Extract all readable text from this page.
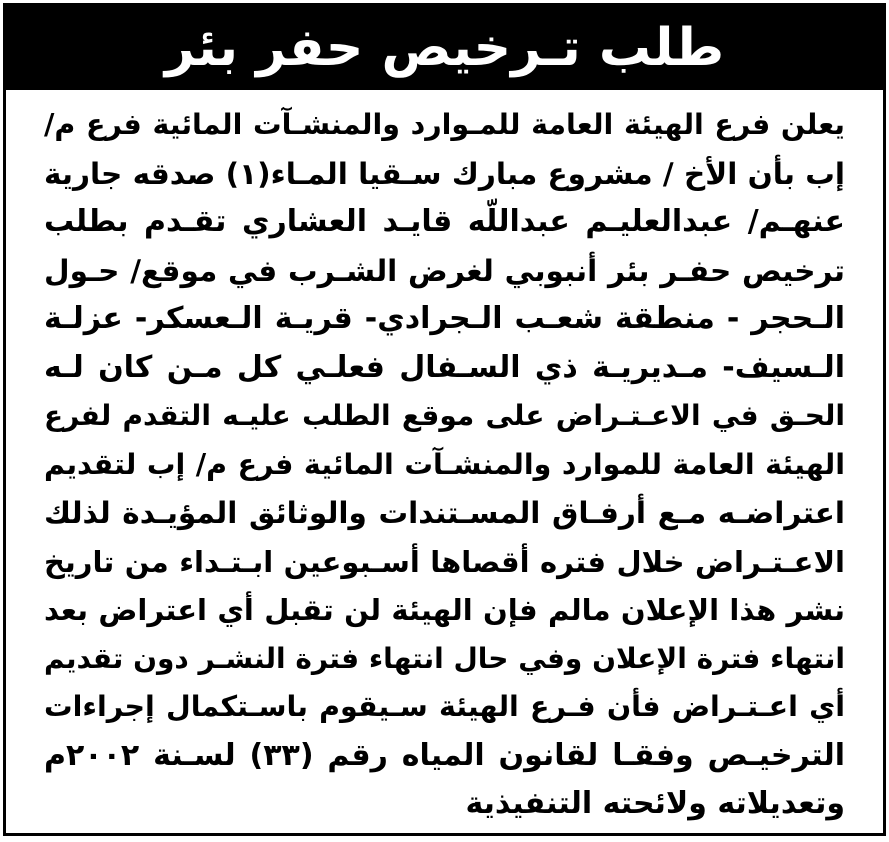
طلب تـرخيص حفر بئر
يعلن فرع الهيئة العامة للمـوارد والمنشـآت المائية فرع م/
إب بأن الأخ / مشروع مبارك سـقيا المـاء(١) صدقه جارية
عنهـم/ عبدالعليـم عبداللّه قايـد العشاري تقـدم بطلب
ترخيص حفـر بئر أنبوبي لغرض الشـرب في موقع/ حـول
الـحجر - منطقة شعـب الـجرادي- قريـة الـعسكر- عزلـة
الـسيف- مـديريـة ذي السـفال فعلـي كل مـن كان لـه
الحـق في الاعـتـراض على موقع الطلب عليـه التقدم لفرع
الهيئة العامة للموارد والمنشـآت المائية فرع م/ إب لتقديم
اعتراضـه مـع أرفـاق المسـتندات والوثائق المؤيـدة لذلك
الاعـتـراض خلال فتره أقصاها أسـبوعين ابـتـداء من تاريخ
نشر هذا الإعلان مالم فإن الهيئة لن تقبل أي اعتراض بعد
انتهاء فترة الإعلان وفي حال انتهاء فترة النشـر دون تقديم
أي اعـتـراض فأن فـرع الهيئة سـيقوم باسـتكمال إجراءات
الترخيـص وفقـا لقانون المياه رقم (٣٣) لسـنة ٢٠٠٢م
وتعديلاته ولائحته التنفيذية
